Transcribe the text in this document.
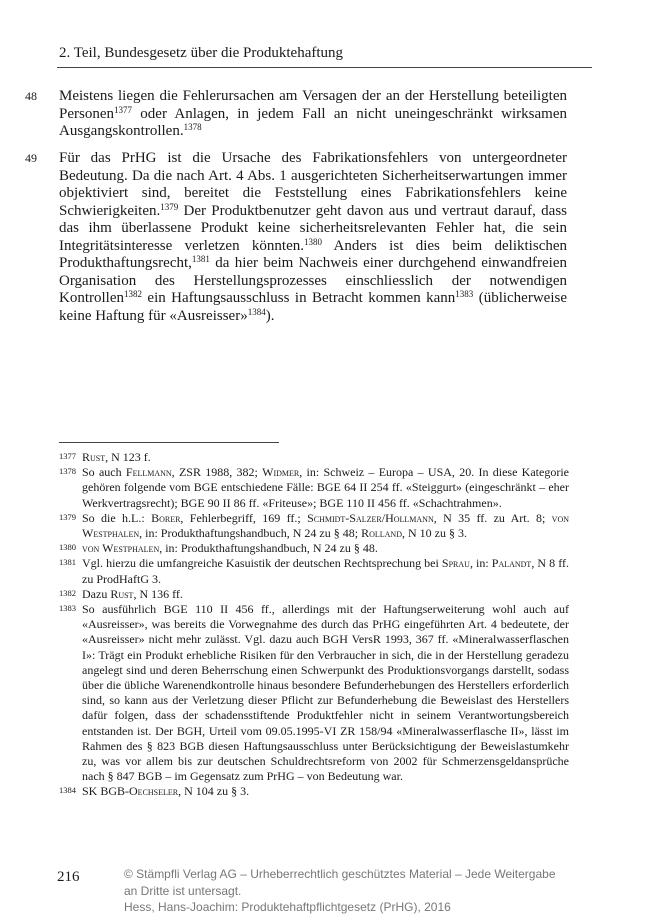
2. Teil, Bundesgesetz über die Produktehaftung
48 Meistens liegen die Fehlerursachen am Versagen der an der Herstellung beteiligten Personen$^{1377}$ oder Anlagen, in jedem Fall an nicht uneingeschränkt wirksamen Ausgangskontrollen.$^{1378}$

49 Für das PrHG ist die Ursache des Fabrikationsfehlers von untergeordneter Bedeutung. Da die nach Art. 4 Abs. 1 ausgerichteten Sicherheitserwartungen immer objektiviert sind, bereitet die Feststellung eines Fabrikationsfehlers keine Schwierigkeiten.$^{1379}$ Der Produktbenutzer geht davon aus und vertraut darauf, dass das ihm überlassene Produkt keine sicherheitsrelevanten Fehler hat, die sein Integritätsinteresse verletzen könnten.$^{1380}$ Anders ist dies beim deliktischen Produkthaftungsrecht,$^{1381}$ da hier beim Nachweis einer durchgehend einwandfreien Organisation des Herstellungsprozesses einschliesslich der notwendigen Kontrollen$^{1382}$ ein Haftungsausschluss in Betracht kommen kann$^{1383}$ (üblicherweise keine Haftung für «Ausreisser»$^{1384}$).

1377 Rust, N 123 f.

1378 So auch Fellmann, ZSR 1988, 382; Widmer, in: Schweiz – Europa – USA, 20. In diese Kategorie gehören folgende vom BGE entschiedene Fälle: BGE 64 II 254 ff. «Steiggurt» (eingeschränkt – eher Werkvertragsrecht); BGE 90 II 86 ff. «Friteuse»; BGE 110 II 456 ff. «Schachtrahmen».

1379 So die h.L.: Borer, Fehlerbegriff, 169 ff.; Schmidt-Salzer/Hollmann, N 35 ff. zu Art. 8; von Westphalen, in: Produkthaftungshandbuch, N 24 zu § 48; Rolland, N 10 zu § 3.

1380 von Westphalen, in: Produkthaftungshandbuch, N 24 zu § 48.

1381 Vgl. hierzu die umfangreiche Kasuistik der deutschen Rechtsprechung bei Sprau, in: Palandt, N 8 ff. zu ProdHaftG 3.

1382 Dazu Rust, N 136 ff.

1383 So ausführlich BGE 110 II 456 ff., allerdings mit der Haftungserweiterung wohl auch auf «Ausreisser», was bereits die Vorwegnahme des durch das PrHG eingeführten Art. 4 bedeutete, der «Ausreisser» nicht mehr zulässt. Vgl. dazu auch BGH VersR 1993, 367 ff. «Mineralwasserflaschen I»: Trägt ein Produkt erhebliche Risiken für den Verbraucher in sich, die in der Herstellung geradezu angelegt sind und deren Beherrschung einen Schwerpunkt des Produktionsvorgangs darstellt, sodass über die übliche Warenendkontrolle hinaus besondere Befunderhebungen des Herstellers erforderlich sind, so kann aus der Verletzung dieser Pflicht zur Befunderhebung die Beweislast des Herstellers dafür folgen, dass der schadensstiftende Produktfehler nicht in seinem Verantwortungsbereich entstanden ist. Der BGH, Urteil vom 09.05.1995-VI ZR 158/94 «Mineralwasserflasche II», lässt im Rahmen des § 823 BGB diesen Haftungsausschluss unter Berücksichtigung der Beweislastumkehr zu, was vor allem bis zur deutschen Schuldrechtsreform von 2002 für Schmerzensgeldansprüche nach § 847 BGB – im Gegensatz zum PrHG – von Bedeutung war.

1384 SK BGB-Oechseler, N 104 zu § 3.

216	© Stämpfli Verlag AG – Urheberrechtlich geschütztes Material – Jede Weitergabe
an Dritte ist untersagt.
Hess, Hans-Joachim: Produktehaftpflichtgesetz (PrHG), 2016
